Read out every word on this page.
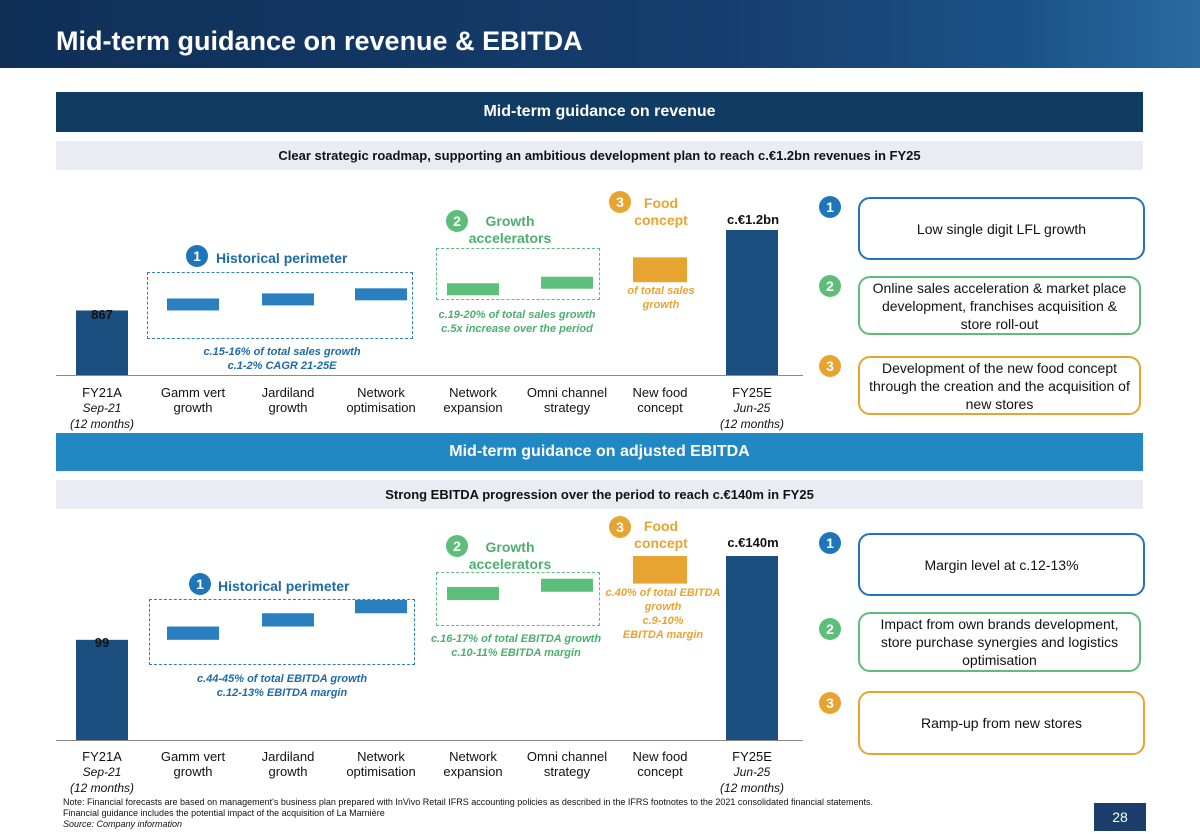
Mid-term guidance on revenue & EBITDA
Mid-term guidance on revenue
Clear strategic roadmap, supporting an ambitious development plan to reach c.€1.2bn revenues in FY25
867
c.€1.2bn
1	Historical perimeter
c.15-16% of total sales growth
c.1-2% CAGR 21-25E
2	Growth
accelerators
c.19-20% of total sales growth
c.5x increase over the period
3	Food
concept
c.64-65%
of total sales
growth
FY21A
Sep-21
(12 months)
Gamm vert
growth
Jardiland
growth
Network
optimisation
Network
expansion
Omni channel
strategy
New food
concept
FY25E
Jun-25
(12 months)
1
Low single digit LFL growth
2	Online sales acceleration & market place development, franchises acquisition & store roll-out
3	Development of the new food concept through the creation and the acquisition of new stores
Mid-term guidance on adjusted EBITDA
Strong EBITDA progression over the period to reach c.€140m in FY25
99
c.€140m
1	Historical perimeter
c.44-45% of total EBITDA growth
c.12-13% EBITDA margin
2	Growth
accelerators
c.16-17% of total EBITDA growth
c.10-11% EBITDA margin
3	Food
concept
c.40% of total EBITDA
growth
c.9-10%
EBITDA margin
FY21A
Sep-21
(12 months)
Gamm vert
growth
Jardiland
growth
Network
optimisation
Network
expansion
Omni channel
strategy
New food
concept
FY25E
Jun-25
(12 months)
1
Margin level at c.12-13%
2	Impact from own brands development, store purchase synergies and logistics optimisation
3
Ramp-up from new stores
Note: Financial forecasts are based on management's business plan prepared with InVivo Retail IFRS accounting policies as described in the IFRS footnotes to the 2021 consolidated financial statements.
Financial guidance includes the potential impact of the acquisition of La Marnière
Source: Company information	28
